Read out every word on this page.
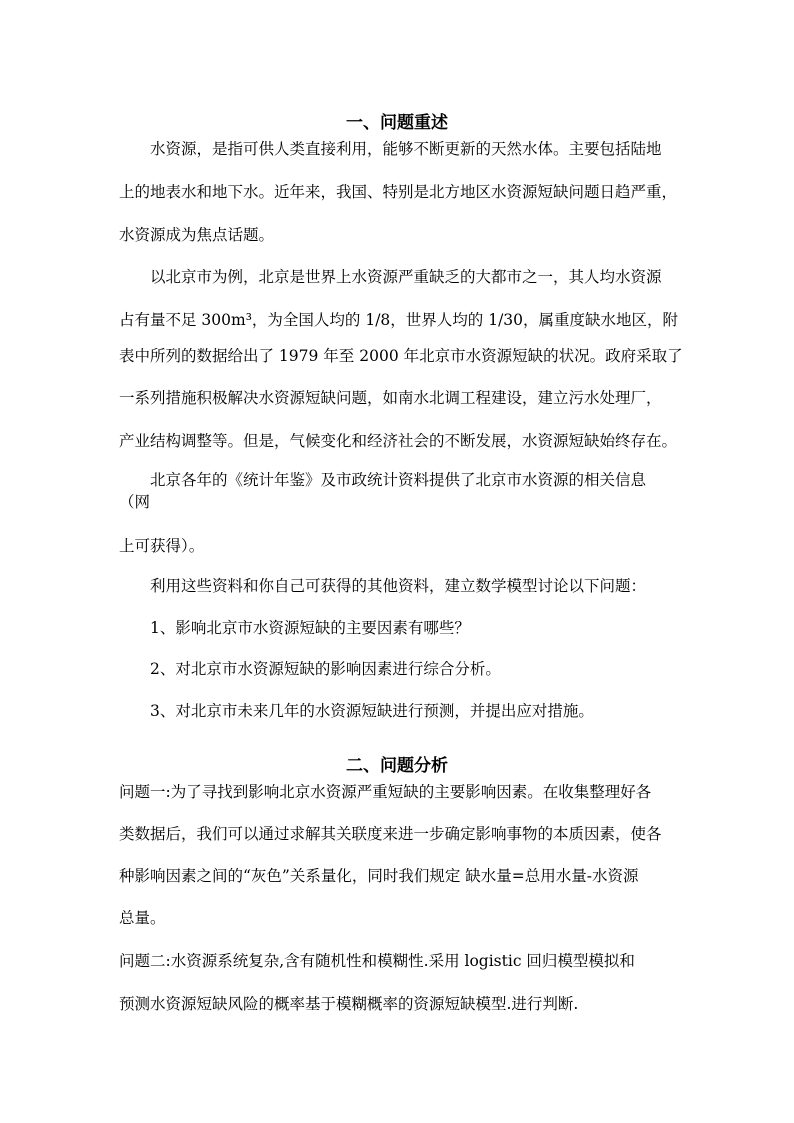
一、问题重述
水资源，是指可供人类直接利用，能够不断更新的天然水体。主要包括陆地
上的地表水和地下水。近年来，我国、特别是北方地区水资源短缺问题日趋严重，
水资源成为焦点话题。
以北京市为例，北京是世界上水资源严重缺乏的大都市之一，其人均水资源
占有量不足 300m³，为全国人均的 1/8，世界人均的 1/30，属重度缺水地区，附
表中所列的数据给出了 1979 年至 2000 年北京市水资源短缺的状况。政府采取了
一系列措施积极解决水资源短缺问题，如南水北调工程建设，建立污水处理厂，
产业结构调整等。但是，气候变化和经济社会的不断发展，水资源短缺始终存在。
北京各年的《统计年鉴》及市政统计资料提供了北京市水资源的相关信息
（网
上可获得）。
利用这些资料和你自己可获得的其他资料，建立数学模型讨论以下问题：
1、影响北京市水资源短缺的主要因素有哪些？
2、对北京市水资源短缺的影响因素进行综合分析。
3、对北京市未来几年的水资源短缺进行预测，并提出应对措施。
二、问题分析
问题一:为了寻找到影响北京水资源严重短缺的主要影响因素。在收集整理好各
类数据后，我们可以通过求解其关联度来进一步确定影响事物的本质因素，使各
种影响因素之间的“灰色”关系量化，同时我们规定 缺水量=总用水量-水资源
总量。
问题二:水资源系统复杂,含有随机性和模糊性.采用 logistic 回归模型模拟和
预测水资源短缺风险的概率基于模糊概率的资源短缺模型.进行判断.
